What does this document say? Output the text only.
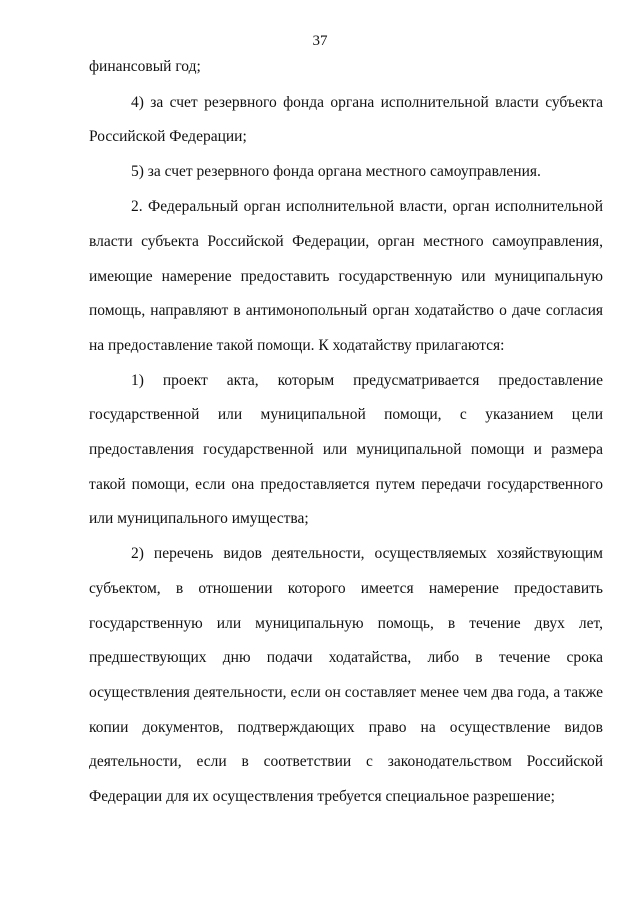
37
финансовый год;
4) за счет резервного фонда органа исполнительной власти субъекта
Российской Федерации;
5) за счет резервного фонда органа местного самоуправления.
2. Федеральный орган исполнительной власти, орган исполнительной
власти субъекта Российской Федерации, орган местного самоуправления,
имеющие намерение предоставить государственную или муниципальную
помощь, направляют в антимонопольный орган ходатайство о даче согласия
на предоставление такой помощи. К ходатайству прилагаются:
1) проект акта, которым предусматривается предоставление
государственной или муниципальной помощи, с указанием цели
предоставления государственной или муниципальной помощи и размера
такой помощи, если она предоставляется путем передачи государственного
или муниципального имущества;
2) перечень видов деятельности, осуществляемых хозяйствующим
субъектом, в отношении которого имеется намерение предоставить
государственную или муниципальную помощь, в течение двух лет,
предшествующих дню подачи ходатайства, либо в течение срока
осуществления деятельности, если он составляет менее чем два года, а также
копии документов, подтверждающих право на осуществление видов
деятельности, если в соответствии с законодательством Российской
Федерации для их осуществления требуется специальное разрешение;
